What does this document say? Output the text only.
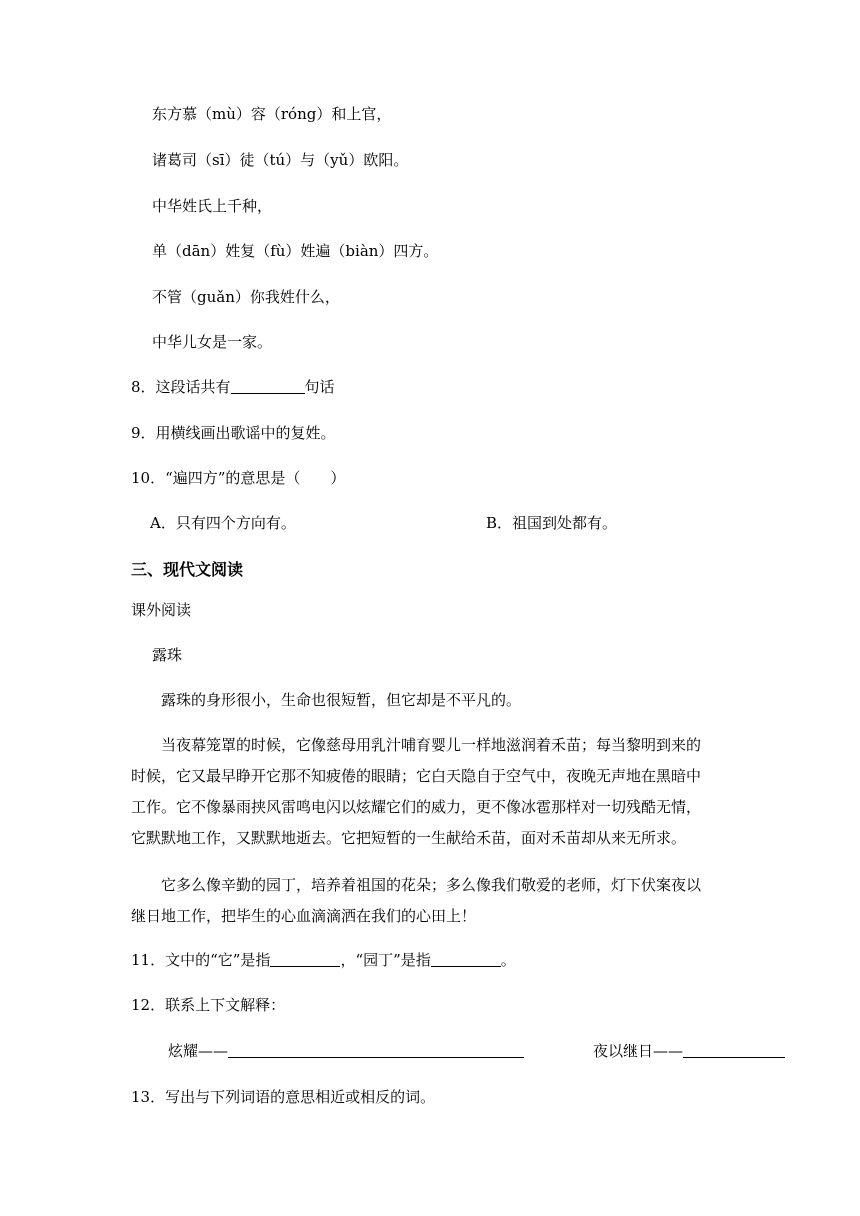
东方慕（mù）容（róng）和上官，
诸葛司（sī）徒（tú）与（yǔ）欧阳。
中华姓氏上千种，
单（dān）姓复（fù）姓遍（biàn）四方。
不管（guǎn）你我姓什么，
中华儿女是一家。
8．这段话共有	句话
9．用横线画出歌谣中的复姓。
10．“遍四方”的意思是（　　）
A．只有四个方向有。	B．祖国到处都有。
三、现代文阅读
课外阅读
露珠
露珠的身形很小，生命也很短暂，但它却是不平凡的。
当夜幕笼罩的时候，它像慈母用乳汁哺育婴儿一样地滋润着禾苗；每当黎明到来的
时候，它又最早睁开它那不知疲倦的眼睛；它白天隐自于空气中，夜晚无声地在黑暗中
工作。它不像暴雨挟风雷鸣电闪以炫耀它们的威力，更不像冰雹那样对一切残酷无情，
它默默地工作，又默默地逝去。它把短暂的一生献给禾苗，面对禾苗却从来无所求。
它多么像辛勤的园丁，培养着祖国的花朵；多么像我们敬爱的老师，灯下伏案夜以
继日地工作，把毕生的心血滴滴洒在我们的心田上！
11．文中的“它”是指	，“园丁”是指	。
12．联系上下文解释：
炫耀——	夜以继日——
13．写出与下列词语的意思相近或相反的词。
